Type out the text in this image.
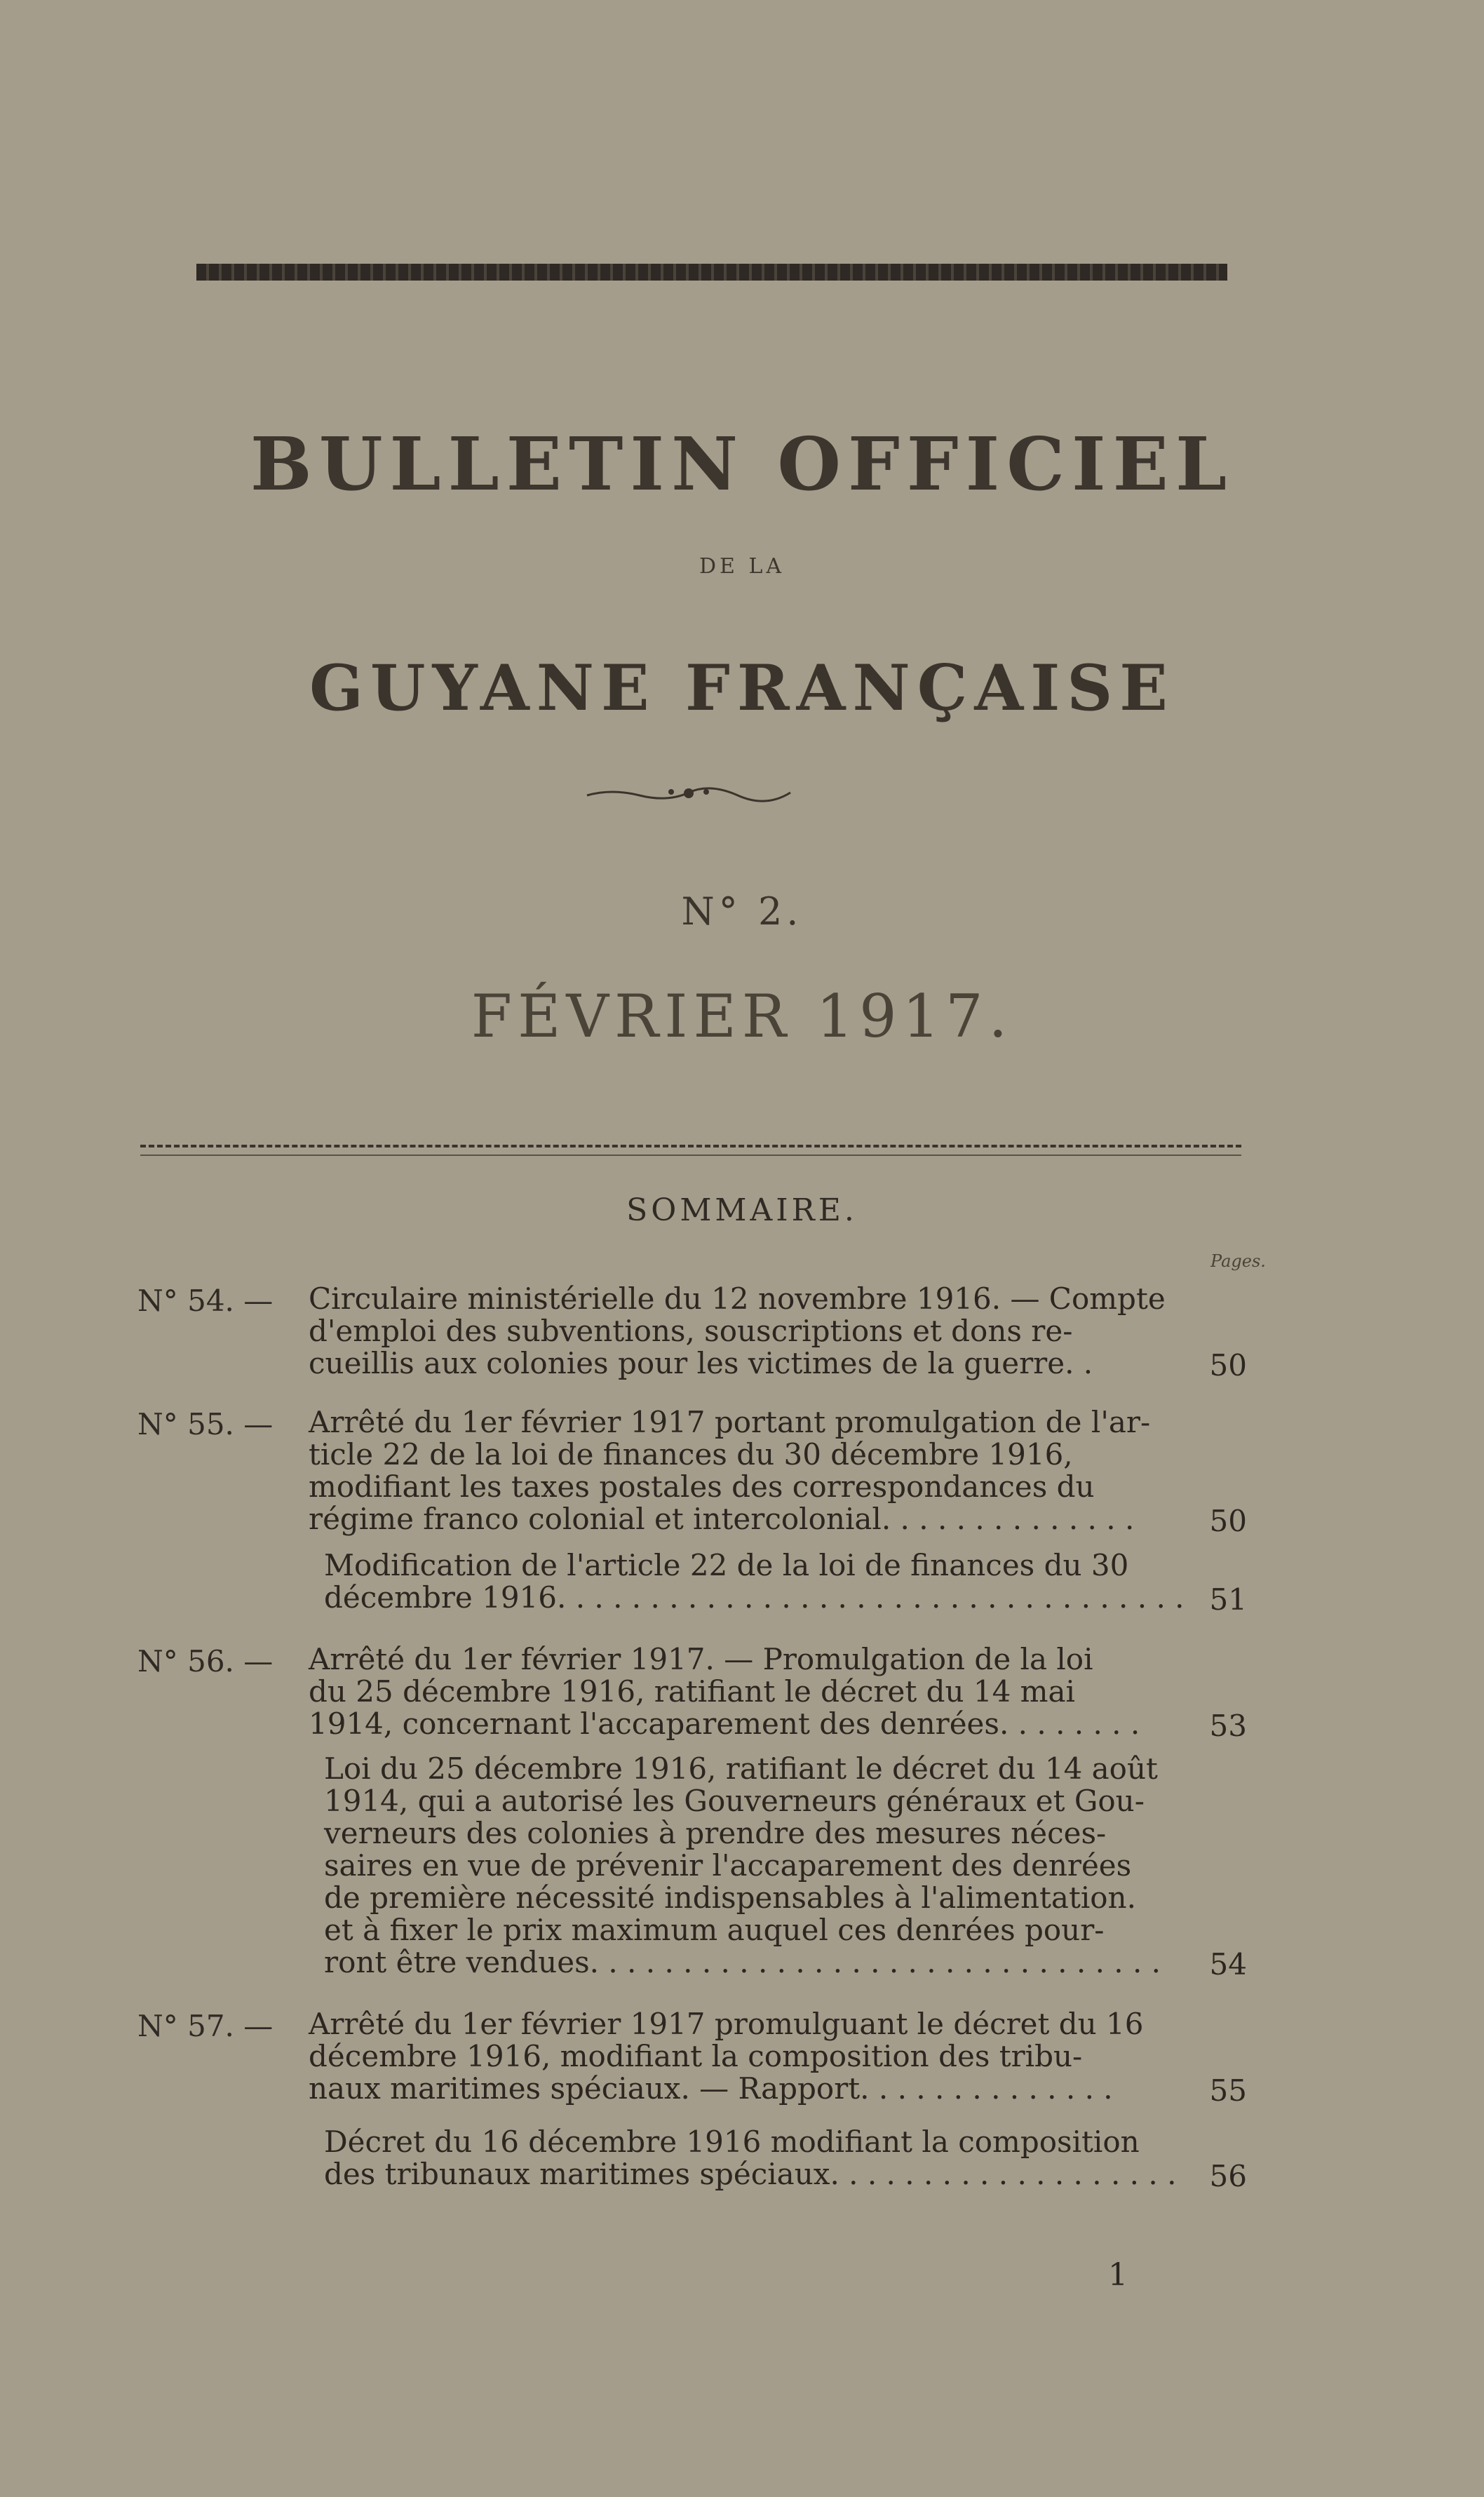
BULLETIN OFFICIEL
DE LA
GUYANE FRANÇAISE
N° 2.
FÉVRIER 1917.
SOMMAIRE.
Pages.
N° 54. —	Circulaire ministérielle du 12 novembre 1916. — Compte
d'emploi des subventions, souscriptions et dons re-
cueillis aux colonies pour les victimes de la guerre. .	50
N° 55. —	Arrêté du 1er février 1917 portant promulgation de l'ar-
ticle 22 de la loi de finances du 30 décembre 1916,
modifiant les taxes postales des correspondances du
régime franco colonial et intercolonial. . . . . . . . . . . . . .	50
Modification de l'article 22 de la loi de finances du 30
décembre 1916. . . . . . . . . . . . . . . . . . . . . . . . . . . . . . . . . . 51
N° 56. —	Arrêté du 1er février 1917. — Promulgation de la loi
du 25 décembre 1916, ratifiant le décret du 14 mai
1914, concernant l'accaparement des denrées. . . . . . . .	53
Loi du 25 décembre 1916, ratifiant le décret du 14 août
1914, qui a autorisé les Gouverneurs généraux et Gou-
verneurs des colonies à prendre des mesures néces-
saires en vue de prévenir l'accaparement des denrées
de première nécessité indispensables à l'alimentation.
et à fixer le prix maximum auquel ces denrées pour-
ront être vendues. . . . . . . . . . . . . . . . . . . . . . . . . . . . . . .	54
N° 57. —	Arrêté du 1er février 1917 promulguant le décret du 16
décembre 1916, modifiant la composition des tribu-
naux maritimes spéciaux. — Rapport. . . . . . . . . . . . . .	55
Décret du 16 décembre 1916 modifiant la composition
des tribunaux maritimes spéciaux. . . . . . . . . . . . . . . . . . .	56
1
